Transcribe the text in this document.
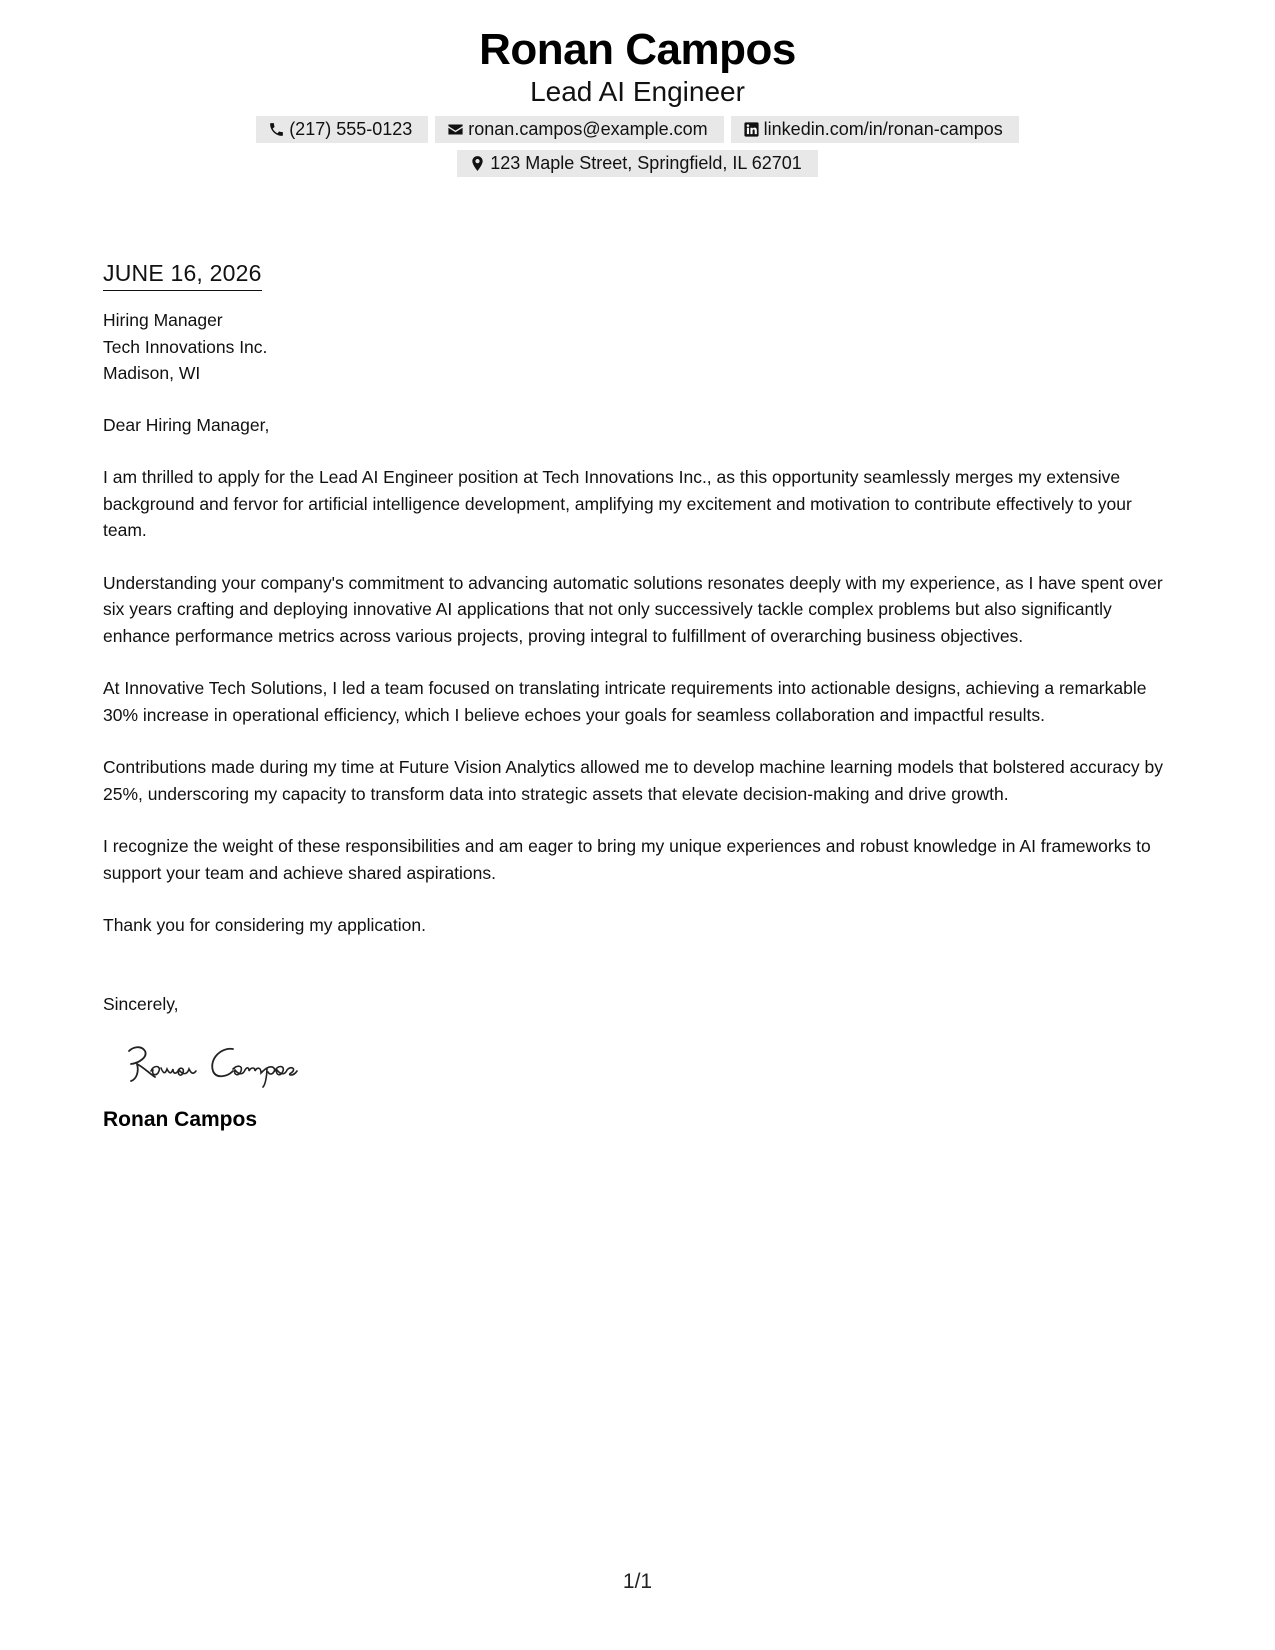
Ronan Campos
Lead AI Engineer
(217) 555-0123	ronan.campos@example.com	linkedin.com/in/ronan-campos
123 Maple Street, Springfield, IL 62701
JUNE 16, 2026
Hiring Manager
Tech Innovations Inc.
Madison, WI
Dear Hiring Manager,
I am thrilled to apply for the Lead AI Engineer position at Tech Innovations Inc., as this opportunity seamlessly merges my extensive background and fervor for artificial intelligence development, amplifying my excitement and motivation to contribute effectively to your team.
Understanding your company's commitment to advancing automatic solutions resonates deeply with my experience, as I have spent over six years crafting and deploying innovative AI applications that not only successively tackle complex problems but also significantly enhance performance metrics across various projects, proving integral to fulfillment of overarching business objectives.
At Innovative Tech Solutions, I led a team focused on translating intricate requirements into actionable designs, achieving a remarkable 30% increase in operational efficiency, which I believe echoes your goals for seamless collaboration and impactful results.
Contributions made during my time at Future Vision Analytics allowed me to develop machine learning models that bolstered accuracy by 25%, underscoring my capacity to transform data into strategic assets that elevate decision-making and drive growth.
I recognize the weight of these responsibilities and am eager to bring my unique experiences and robust knowledge in AI frameworks to support your team and achieve shared aspirations.
Thank you for considering my application.
Sincerely,
Ronan Campos
1/1
